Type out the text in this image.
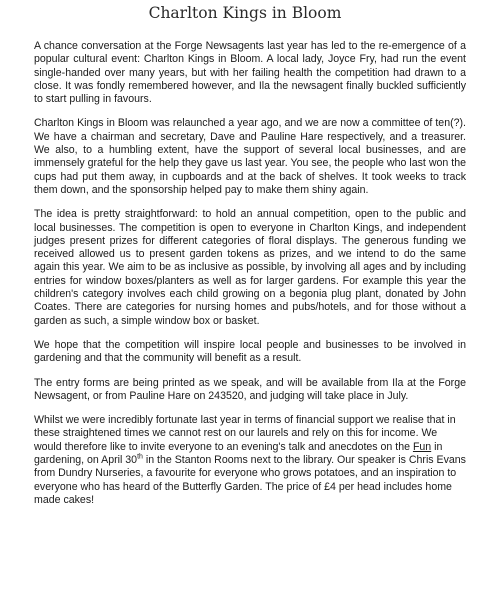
Charlton Kings in Bloom

A chance conversation at the Forge Newsagents last year has led to the re-emergence of a popular cultural event: Charlton Kings in Bloom. A local lady, Joyce Fry, had run the event single-handed over many years, but with her failing health the competition had drawn to a close. It was fondly remembered however, and Ila the newsagent finally buckled sufficiently to start pulling in favours.

Charlton Kings in Bloom was relaunched a year ago, and we are now a committee of ten(?). We have a chairman and secretary, Dave and Pauline Hare respectively, and a treasurer. We also, to a humbling extent, have the support of several local businesses, and are immensely grateful for the help they gave us last year. You see, the people who last won the cups had put them away, in cupboards and at the back of shelves. It took weeks to track them down, and the sponsorship helped pay to make them shiny again.

The idea is pretty straightforward: to hold an annual competition, open to the public and local businesses. The competition is open to everyone in Charlton Kings, and independent judges present prizes for different categories of floral displays. The generous funding we received allowed us to present garden tokens as prizes, and we intend to do the same again this year. We aim to be as inclusive as possible, by involving all ages and by including entries for window boxes/planters as well as for larger gardens. For example this year the children's category involves each child growing on a begonia plug plant, donated by John Coates. There are categories for nursing homes and pubs/hotels, and for those without a garden as such, a simple window box or basket.

We hope that the competition will inspire local people and businesses to be involved in gardening and that the community will benefit as a result.

The entry forms are being printed as we speak, and will be available from Ila at the Forge Newsagent, or from Pauline Hare on 243520, and judging will take place in July.

Whilst we were incredibly fortunate last year in terms of financial support we realise that in these straightened times we cannot rest on our laurels and rely on this for income. We would therefore like to invite everyone to an evening's talk and anecdotes on the Fun in gardening, on April 30th in the Stanton Rooms next to the library. Our speaker is Chris Evans from Dundry Nurseries, a favourite for everyone who grows potatoes, and an inspiration to everyone who has heard of the Butterfly Garden. The price of £4 per head includes home made cakes!
